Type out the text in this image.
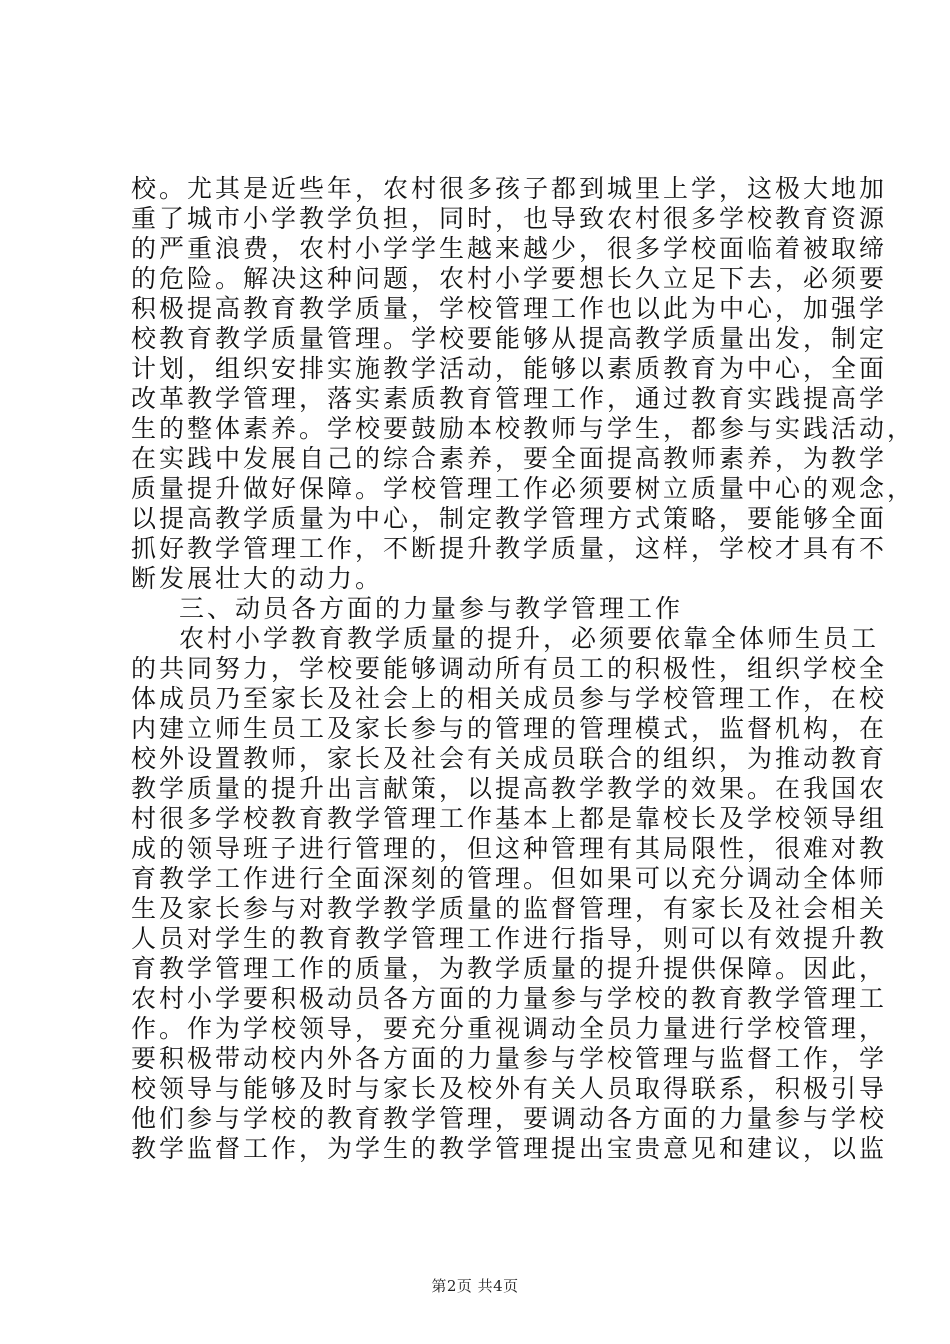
校。尤其是近些年，农村很多孩子都到城里上学，这极大地加
重了城市小学教学负担，同时，也导致农村很多学校教育资源
的严重浪费，农村小学学生越来越少，很多学校面临着被取缔
的危险。解决这种问题，农村小学要想长久立足下去，必须要
积极提高教育教学质量，学校管理工作也以此为中心，加强学
校教育教学质量管理。学校要能够从提高教学质量出发，制定
计划，组织安排实施教学活动，能够以素质教育为中心，全面
改革教学管理，落实素质教育管理工作，通过教育实践提高学
生的整体素养。学校要鼓励本校教师与学生，都参与实践活动，
在实践中发展自己的综合素养，要全面提高教师素养，为教学
质量提升做好保障。学校管理工作必须要树立质量中心的观念，
以提高教学质量为中心，制定教学管理方式策略，要能够全面
抓好教学管理工作，不断提升教学质量，这样，学校才具有不
断发展壮大的动力。
三、动员各方面的力量参与教学管理工作
农村小学教育教学质量的提升，必须要依靠全体师生员工
的共同努力，学校要能够调动所有员工的积极性，组织学校全
体成员乃至家长及社会上的相关成员参与学校管理工作，在校
内建立师生员工及家长参与的管理的管理模式，监督机构，在
校外设置教师，家长及社会有关成员联合的组织，为推动教育
教学质量的提升出言献策，以提高教学教学的效果。在我国农
村很多学校教育教学管理工作基本上都是靠校长及学校领导组
成的领导班子进行管理的，但这种管理有其局限性，很难对教
育教学工作进行全面深刻的管理。但如果可以充分调动全体师
生及家长参与对教学教学质量的监督管理，有家长及社会相关
人员对学生的教育教学管理工作进行指导，则可以有效提升教
育教学管理工作的质量，为教学质量的提升提供保障。因此，
农村小学要积极动员各方面的力量参与学校的教育教学管理工
作。作为学校领导，要充分重视调动全员力量进行学校管理，
要积极带动校内外各方面的力量参与学校管理与监督工作，学
校领导与能够及时与家长及校外有关人员取得联系，积极引导
他们参与学校的教育教学管理，要调动各方面的力量参与学校
教学监督工作，为学生的教学管理提出宝贵意见和建议，以监
第2页 共4页
